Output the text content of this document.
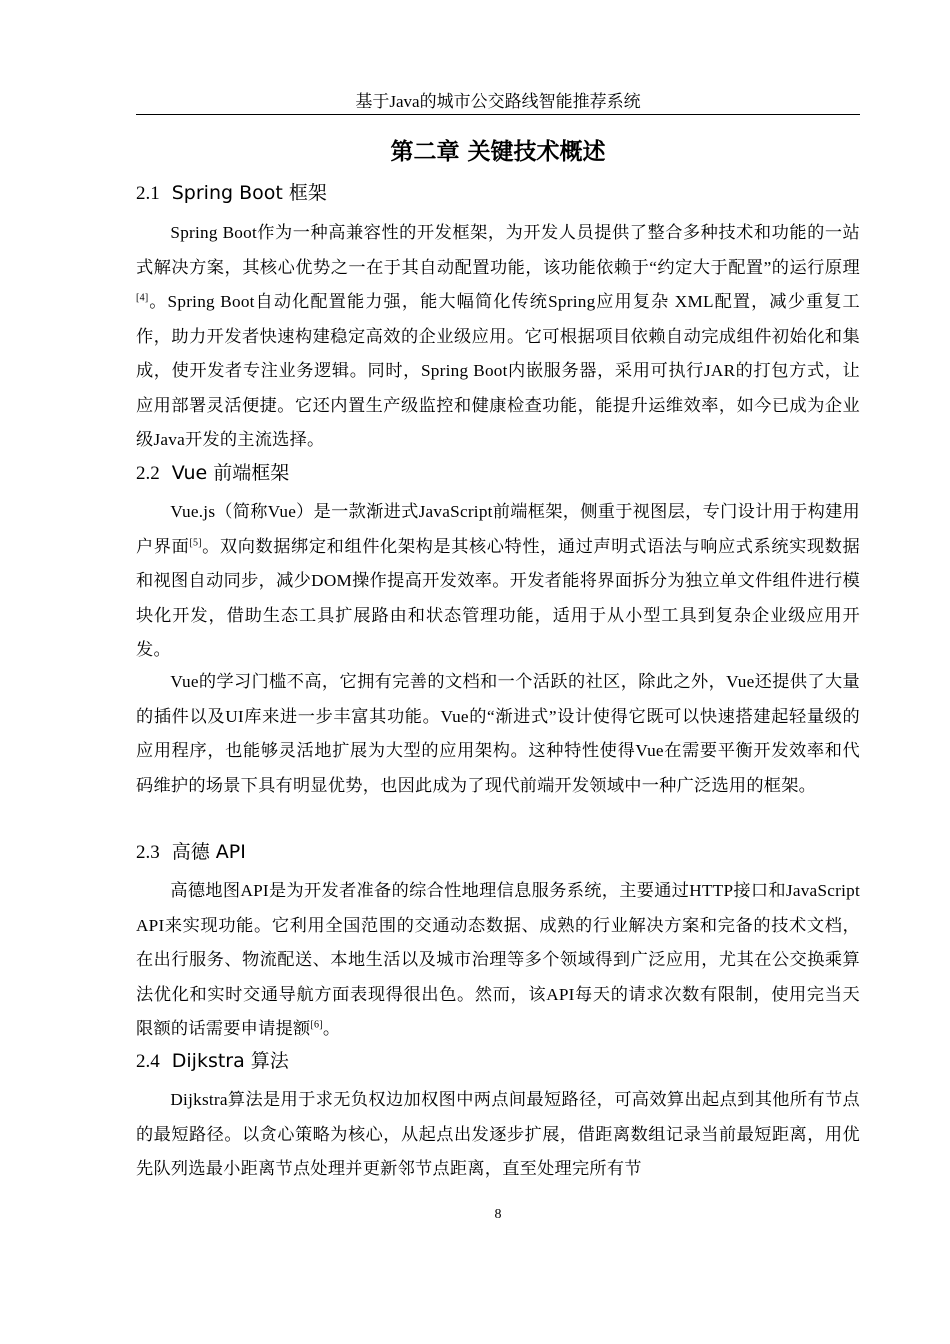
基于Java的城市公交路线智能推荐系统
第二章 关键技术概述
2.1 Spring Boot 框架

Spring Boot作为一种高兼容性的开发框架，为开发人员提供了整合多种技术和功能的一站式解决方案，其核心优势之一在于其自动配置功能，该功能依赖于“约定大于配置”的运行原理[4]。Spring Boot自动化配置能力强，能大幅简化传统Spring应用复杂 XML配置，减少重复工作，助力开发者快速构建稳定高效的企业级应用。它可根据项目依赖自动完成组件初始化和集成，使开发者专注业务逻辑。同时，Spring Boot内嵌服务器，采用可执行JAR的打包方式，让应用部署灵活便捷。它还内置生产级监控和健康检查功能，能提升运维效率，如今已成为企业级Java开发的主流选择。

2.2 Vue 前端框架

Vue.js（简称Vue）是一款渐进式JavaScript前端框架，侧重于视图层，专门设计用于构建用户界面[5]。双向数据绑定和组件化架构是其核心特性，通过声明式语法与响应式系统实现数据和视图自动同步，减少DOM操作提高开发效率。开发者能将界面拆分为独立单文件组件进行模块化开发，借助生态工具扩展路由和状态管理功能，适用于从小型工具到复杂企业级应用开发。

Vue的学习门槛不高，它拥有完善的文档和一个活跃的社区，除此之外，Vue还提供了大量的插件以及UI库来进一步丰富其功能。Vue的“渐进式”设计使得它既可以快速搭建起轻量级的应用程序，也能够灵活地扩展为大型的应用架构。这种特性使得Vue在需要平衡开发效率和代码维护的场景下具有明显优势，也因此成为了现代前端开发领域中一种广泛选用的框架。

2.3 高德 API

高德地图API是为开发者准备的综合性地理信息服务系统，主要通过HTTP接口和JavaScript API来实现功能。它利用全国范围的交通动态数据、成熟的行业解决方案和完备的技术文档，在出行服务、物流配送、本地生活以及城市治理等多个领域得到广泛应用，尤其在公交换乘算法优化和实时交通导航方面表现得很出色。然而，该API每天的请求次数有限制，使用完当天限额的话需要申请提额[6]。

2.4 Dijkstra 算法

Dijkstra算法是用于求无负权边加权图中两点间最短路径，可高效算出起点到其他所有节点的最短路径。以贪心策略为核心，从起点出发逐步扩展，借距离数组记录当前最短距离，用优先队列选最小距离节点处理并更新邻节点距离，直至处理完所有节

8
